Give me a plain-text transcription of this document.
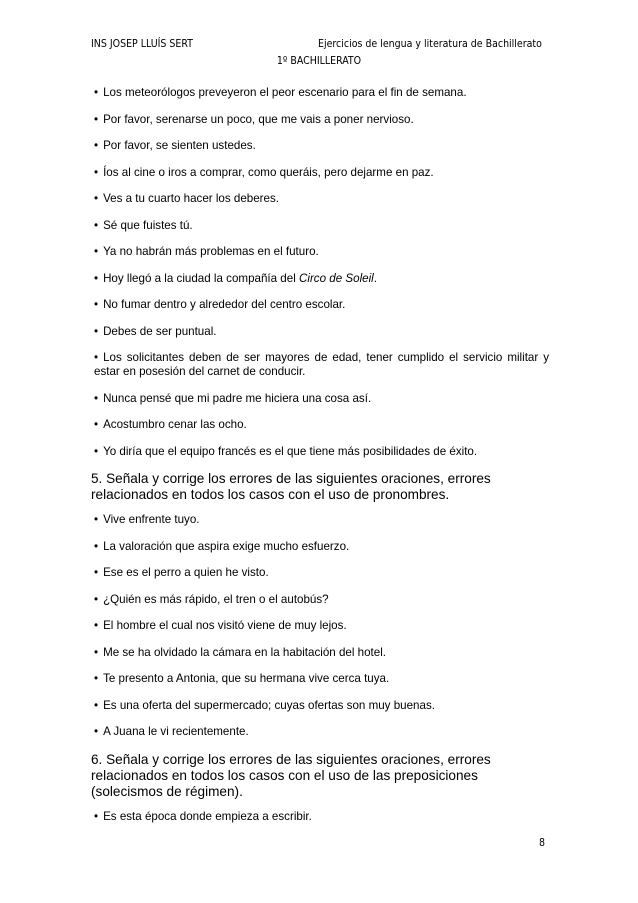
INS JOSEP LLUÍS SERT	Ejercicios de lengua y literatura de Bachillerato
1º BACHILLERATO
• Los meteorólogos preveyeron el peor escenario para el fin de semana.
• Por favor, serenarse un poco, que me vais a poner nervioso.
• Por favor, se sienten ustedes.
• Íos al cine o iros a comprar, como queráis, pero dejarme en paz.
• Ves a tu cuarto hacer los deberes.
• Sé que fuistes tú.
• Ya no habrán más problemas en el futuro.
• Hoy llegó a la ciudad la compañía del Circo de Soleil.
• No fumar dentro y alrededor del centro escolar.
• Debes de ser puntual.
• Los solicitantes deben de ser mayores de edad, tener cumplido el servicio militar y estar en posesión del carnet de conducir.
• Nunca pensé que mi padre me hiciera una cosa así.
• Acostumbro cenar las ocho.
• Yo diría que el equipo francés es el que tiene más posibilidades de éxito.
5. Señala y corrige los errores de las siguientes oraciones, errores relacionados en todos los casos con el uso de pronombres.
• Vive enfrente tuyo.
• La valoración que aspira exige mucho esfuerzo.
• Ese es el perro a quien he visto.
• ¿Quién es más rápido, el tren o el autobús?
• El hombre el cual nos visitó viene de muy lejos.
• Me se ha olvidado la cámara en la habitación del hotel.
• Te presento a Antonia, que su hermana vive cerca tuya.
• Es una oferta del supermercado; cuyas ofertas son muy buenas.
• A Juana le vi recientemente.
6. Señala y corrige los errores de las siguientes oraciones, errores relacionados en todos los casos con el uso de las preposiciones (solecismos de régimen).
• Es esta época donde empieza a escribir.
8
